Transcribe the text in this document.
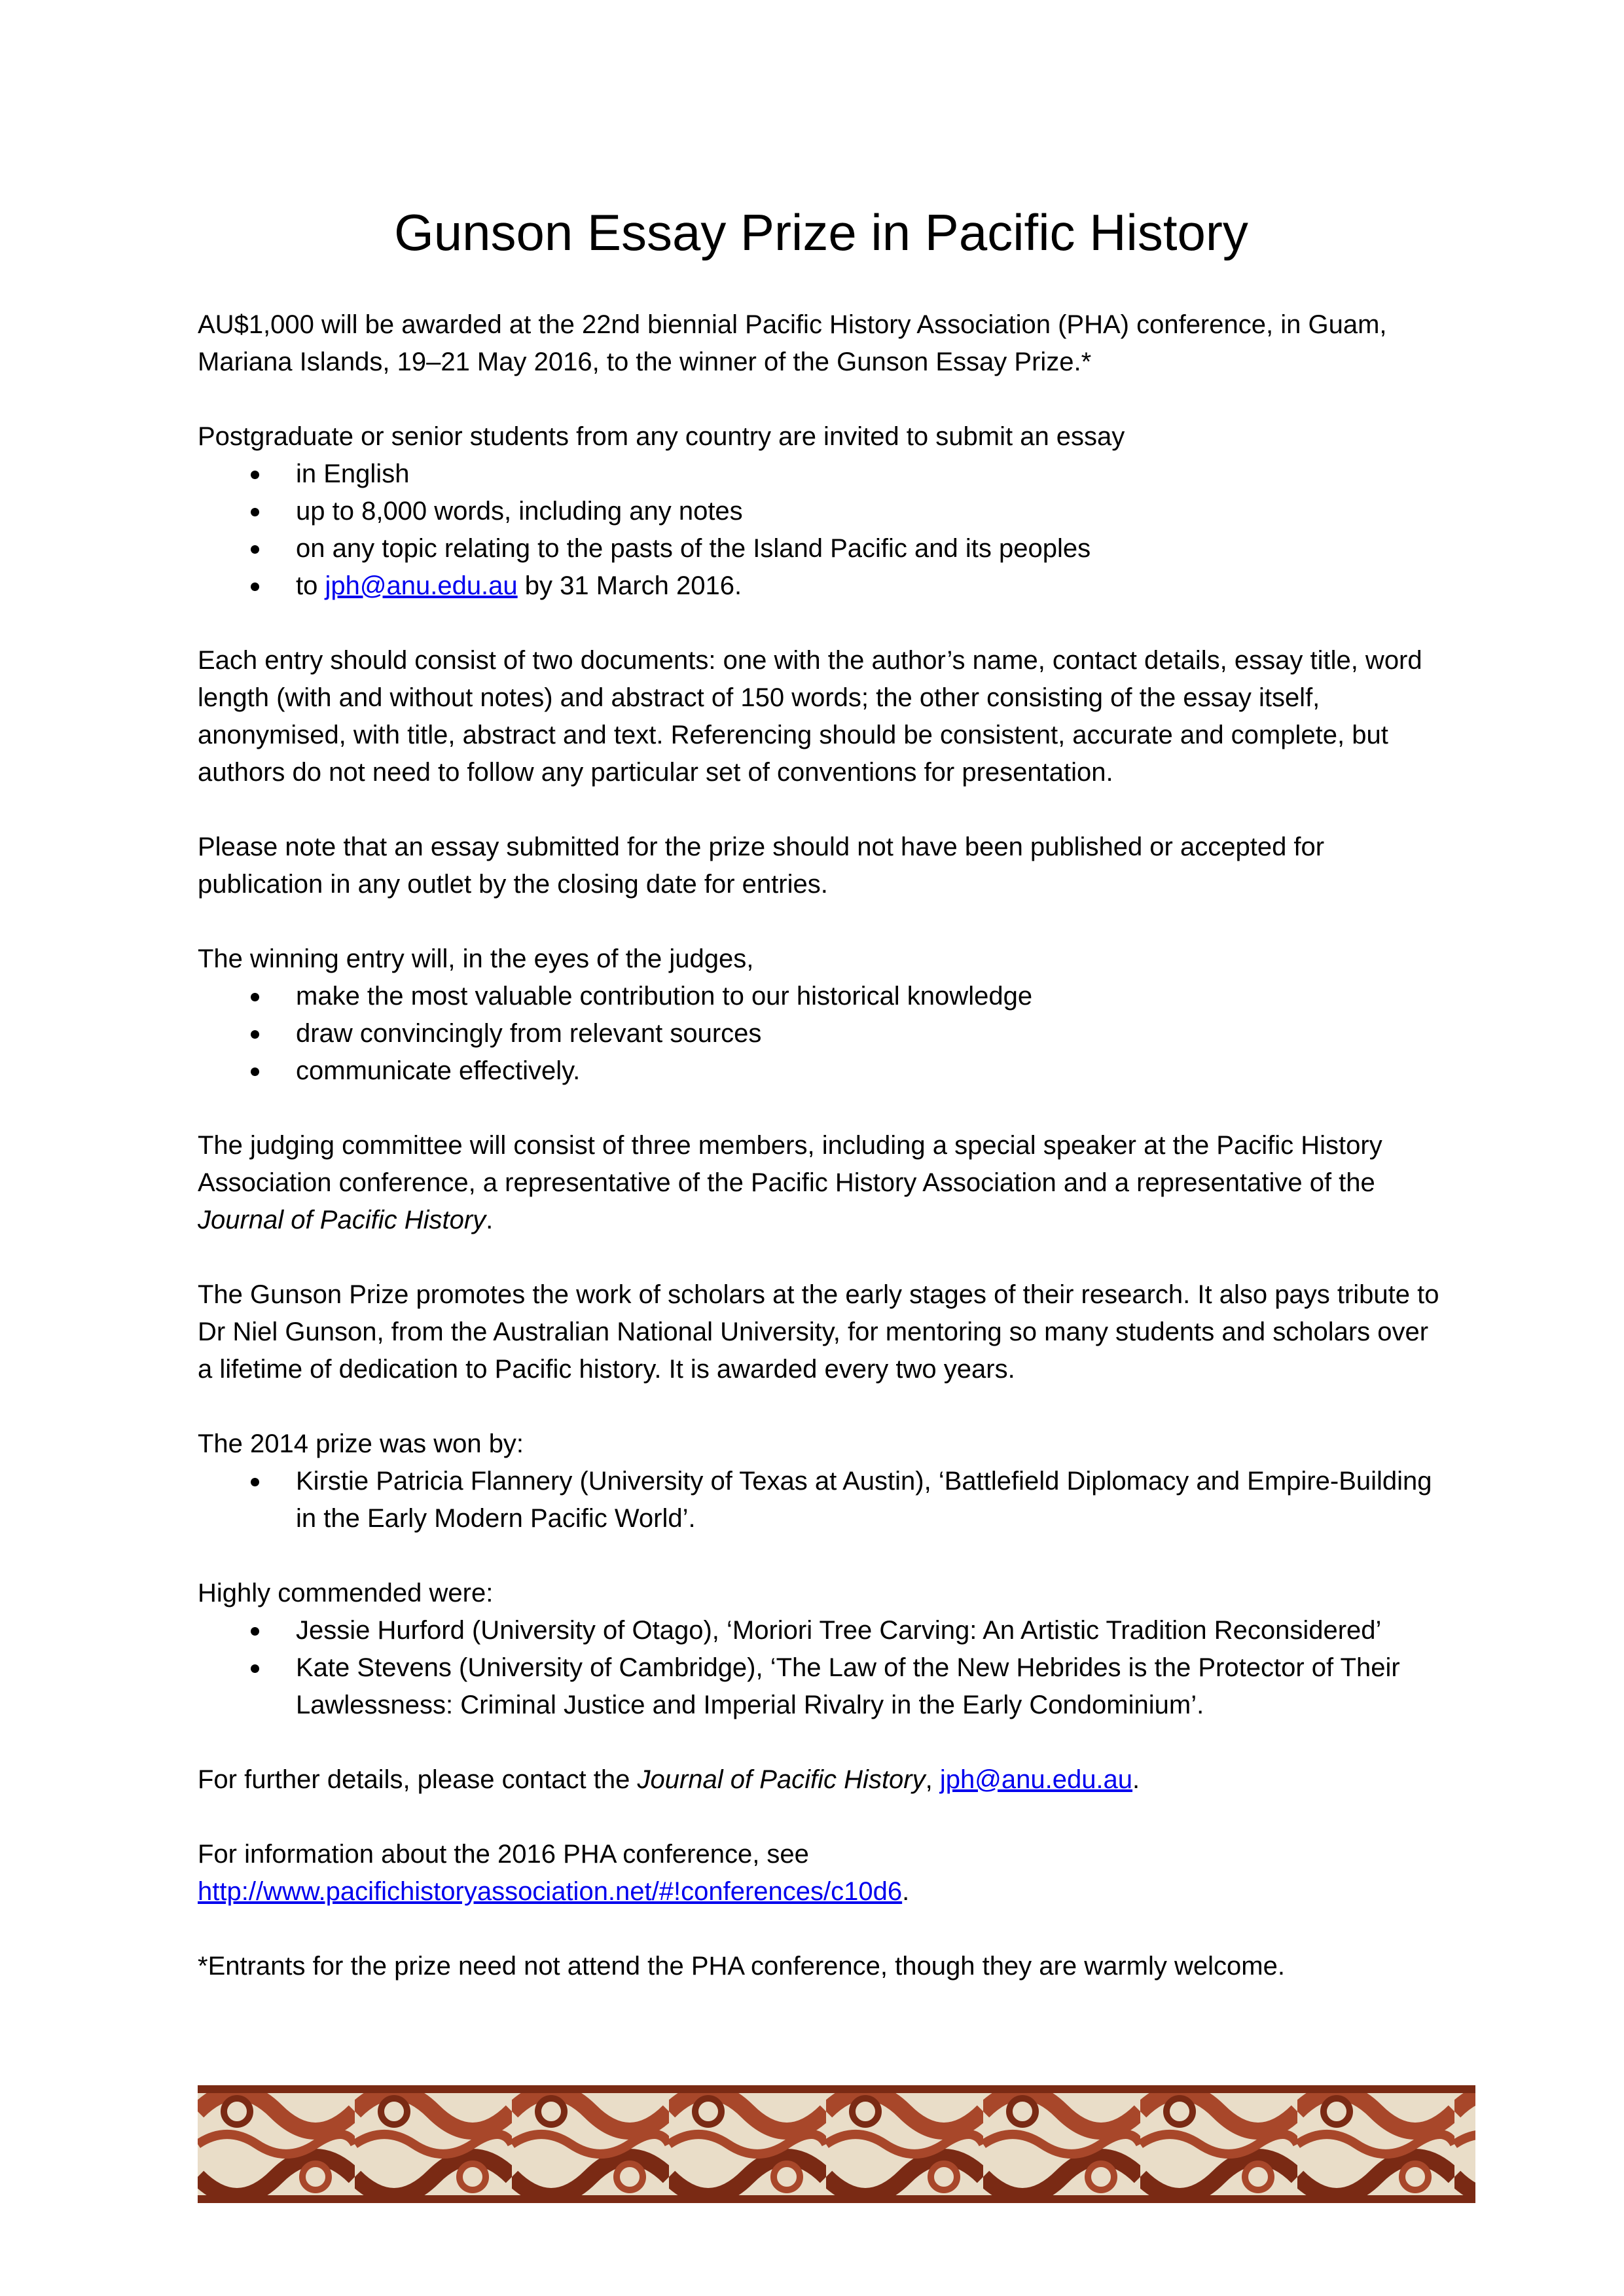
Gunson Essay Prize in Pacific History

AU$1,000 will be awarded at the 22nd biennial Pacific History Association (PHA) conference, in Guam, Mariana Islands, 19–21 May 2016, to the winner of the Gunson Essay Prize.*

Postgraduate or senior students from any country are invited to submit an essay

in English
up to 8,000 words, including any notes
on any topic relating to the pasts of the Island Pacific and its peoples
to jph@anu.edu.au by 31 March 2016.

Each entry should consist of two documents: one with the author’s name, contact details, essay title, word length (with and without notes) and abstract of 150 words; the other consisting of the essay itself, anonymised, with title, abstract and text. Referencing should be consistent, accurate and complete, but authors do not need to follow any particular set of conventions for presentation.

Please note that an essay submitted for the prize should not have been published or accepted for publication in any outlet by the closing date for entries.

The winning entry will, in the eyes of the judges,

make the most valuable contribution to our historical knowledge
draw convincingly from relevant sources
communicate effectively.

The judging committee will consist of three members, including a special speaker at the Pacific History Association conference, a representative of the Pacific History Association and a representative of the Journal of Pacific History.

The Gunson Prize promotes the work of scholars at the early stages of their research. It also pays tribute to Dr Niel Gunson, from the Australian National University, for mentoring so many students and scholars over a lifetime of dedication to Pacific history. It is awarded every two years.

The 2014 prize was won by:

Kirstie Patricia Flannery (University of Texas at Austin), ‘Battlefield Diplomacy and Empire-Building in the Early Modern Pacific World’.

Highly commended were:

Jessie Hurford (University of Otago), ‘Moriori Tree Carving: An Artistic Tradition Reconsidered’
Kate Stevens (University of Cambridge), ‘The Law of the New Hebrides is the Protector of Their Lawlessness: Criminal Justice and Imperial Rivalry in the Early Condominium’.

For further details, please contact the Journal of Pacific History, jph@anu.edu.au.

For information about the 2016 PHA conference, see
http://www.pacifichistoryassociation.net/#!conferences/c10d6.

*Entrants for the prize need not attend the PHA conference, though they are warmly welcome.
